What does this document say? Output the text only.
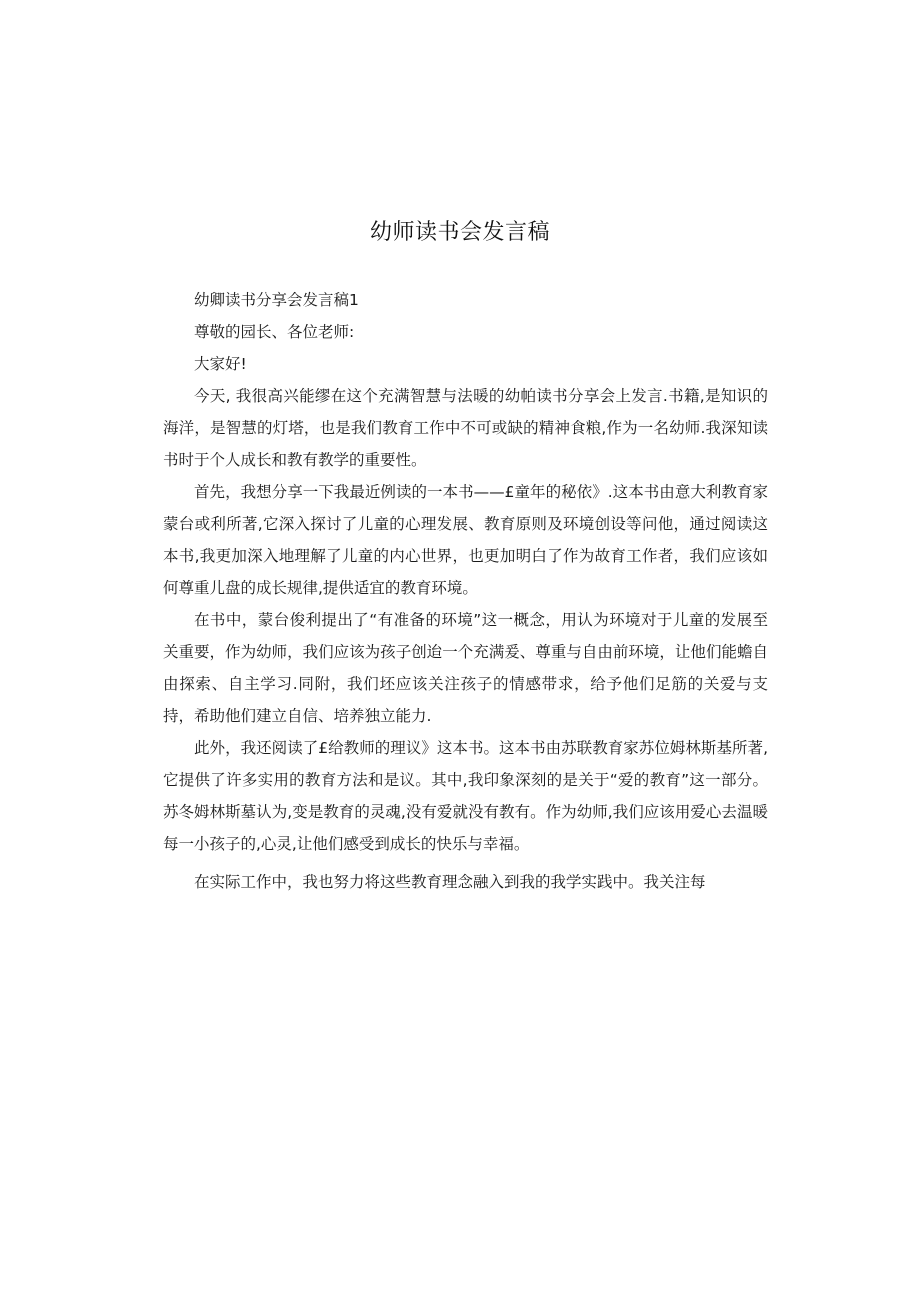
幼师读书会发言稿

幼卿读书分享会发言稿1

尊敬的园长、各位老师:

大家好!

今天, 我很高兴能缪在这个充满智慧与法暖的幼帕读书分享会上发言.书籍,是知识的海洋，是智慧的灯塔，也是我们教育工作中不可或缺的精神食粮,作为一名幼师.我深知读书时于个人成长和教有教学的重要性。

首先，我想分享一下我最近例读的一本书——£童年的秘依》.这本书由意大利教育家蒙台或利所著,它深入探讨了儿童的心理发展、教育原则及环境创设等问他，通过阅读这本书,我更加深入地理解了儿童的内心世界，也更加明白了作为故育工作者，我们应该如何尊重儿盘的成长规律,提供适宜的教育环境。

在书中，蒙台俊利提出了“有准备的环境”这一概念，用认为环境对于儿童的发展至关重要，作为幼师，我们应该为孩子创迨一个充满爰、尊重与自由前环境，让他们能蟾自由探索、自主学习.同附，我们坯应该关注孩子的情感带求，给予他们足筋的关爱与支持，希助他们建立自信、培养独立能力.

此外，我还阅读了£给教师的理议》这本书。这本书由苏联教育家苏位姆林斯基所著,它提供了许多实用的教育方法和是议。其中,我印象深刻的是关于“爱的教育”这一部分。苏冬姆林斯墓认为,变是教育的灵魂,没有爱就没有教有。作为幼师,我们应该用爱心去温暖每一小孩子的,心灵,让他们感受到成长的快乐与幸福。

在实际工作中，我也努力将这些教育理念融入到我的我学实践中。我关注每
